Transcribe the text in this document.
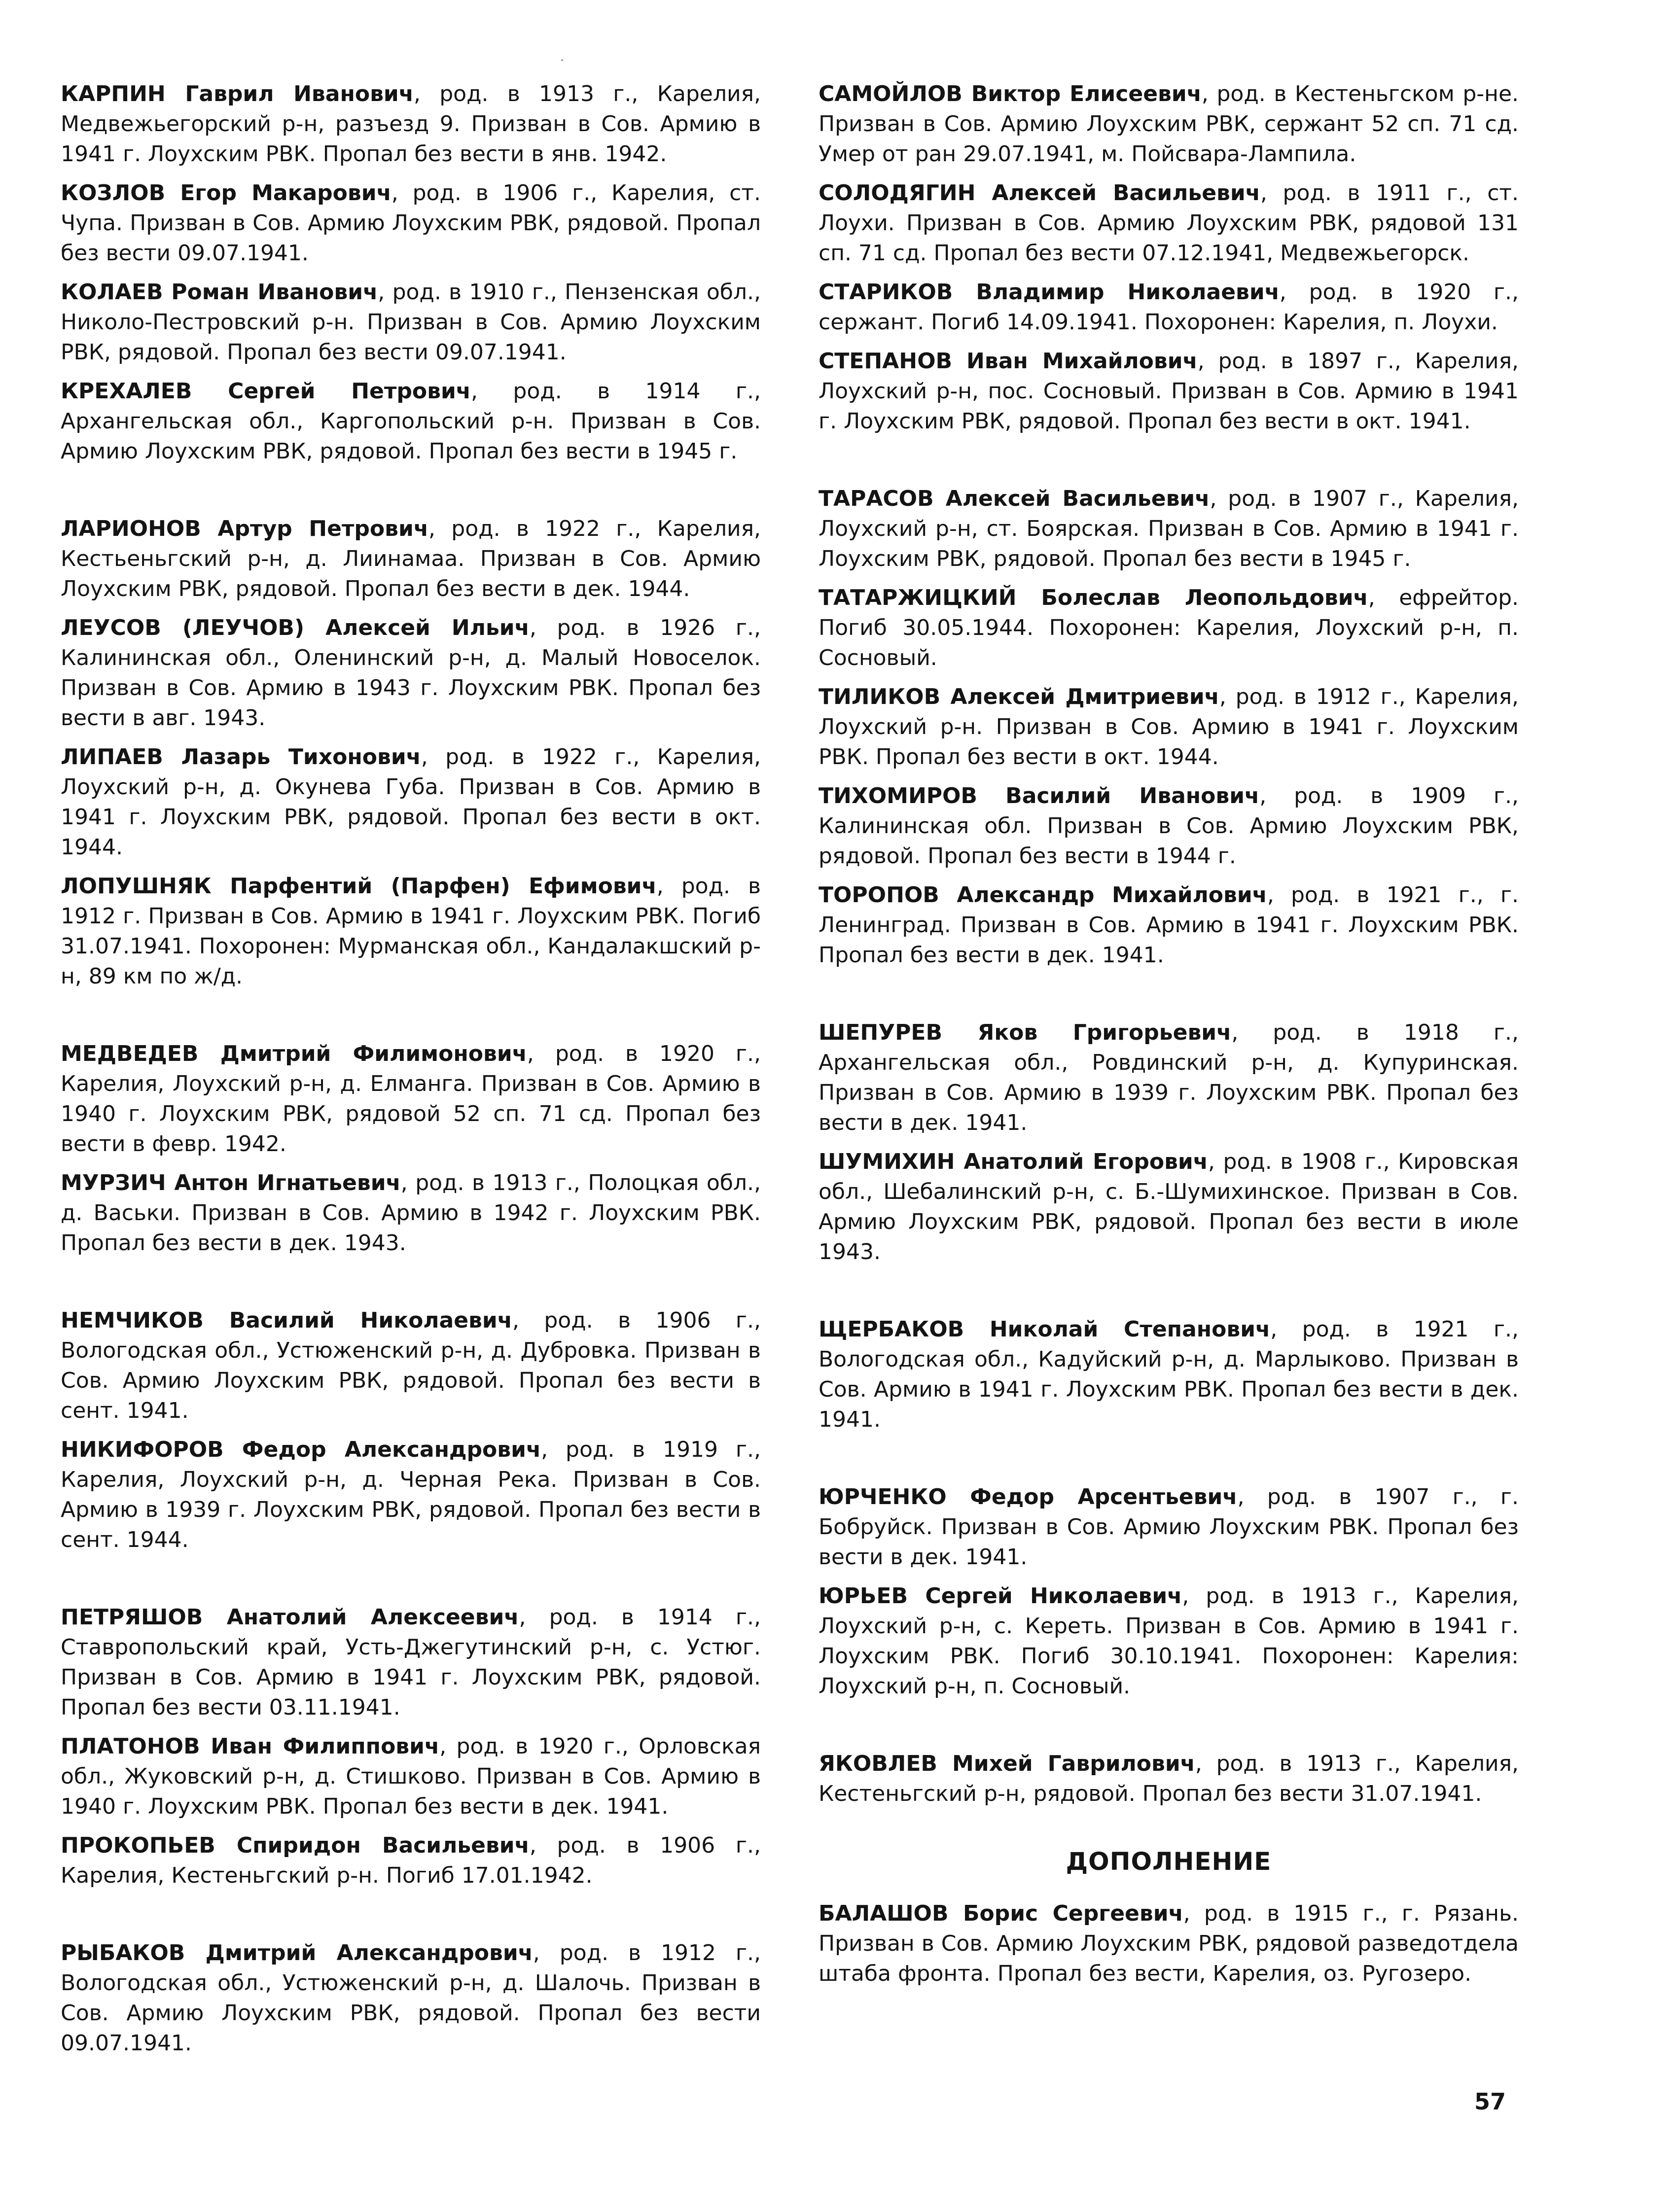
КАРПИН Гаврил Иванович, род. в 1913 г., Карелия, Медвежьегорский р-н, разъезд 9. Призван в Сов. Армию в 1941 г. Лоухским РВК. Пропал без вести в янв. 1942.

КОЗЛОВ Егор Макарович, род. в 1906 г., Карелия, ст. Чупа. Призван в Сов. Армию Лоухским РВК, рядовой. Пропал без вести 09.07.1941.

КОЛАЕВ Роман Иванович, род. в 1910 г., Пензенская обл., Николо-Пестровский р-н. Призван в Сов. Армию Лоухским РВК, рядовой. Пропал без вести 09.07.1941.

КРЕХАЛЕВ Сергей Петрович, род. в 1914 г., Архангельская обл., Каргопольский р-н. Призван в Сов. Армию Лоухским РВК, рядовой. Пропал без вести в 1945 г.

ЛАРИОНОВ Артур Петрович, род. в 1922 г., Карелия, Кестьеньгский р-н, д. Лиинамаа. Призван в Сов. Армию Лоухским РВК, рядовой. Пропал без вести в дек. 1944.

ЛЕУСОВ (ЛЕУЧОВ) Алексей Ильич, род. в 1926 г., Калининская обл., Оленинский р-н, д. Малый Новоселок. Призван в Сов. Армию в 1943 г. Лоухским РВК. Пропал без вести в авг. 1943.

ЛИПАЕВ Лазарь Тихонович, род. в 1922 г., Карелия, Лоухский р-н, д. Окунева Губа. Призван в Сов. Армию в 1941 г. Лоухским РВК, рядовой. Пропал без вести в окт. 1944.

ЛОПУШНЯК Парфентий (Парфен) Ефимович, род. в 1912 г. Призван в Сов. Армию в 1941 г. Лоухским РВК. Погиб 31.07.1941. Похоронен: Мурманская обл., Кандалакшский р-н, 89 км по ж/д.

МЕДВЕДЕВ Дмитрий Филимонович, род. в 1920 г., Карелия, Лоухский р-н, д. Елманга. Призван в Сов. Армию в 1940 г. Лоухским РВК, рядовой 52 сп. 71 сд. Пропал без вести в февр. 1942.

МУРЗИЧ Антон Игнатьевич, род. в 1913 г., Полоцкая обл., д. Васьки. Призван в Сов. Армию в 1942 г. Лоухским РВК. Пропал без вести в дек. 1943.

НЕМЧИКОВ Василий Николаевич, род. в 1906 г., Вологодская обл., Устюженский р-н, д. Дубровка. Призван в Сов. Армию Лоухским РВК, рядовой. Пропал без вести в сент. 1941.

НИКИФОРОВ Федор Александрович, род. в 1919 г., Карелия, Лоухский р-н, д. Черная Река. Призван в Сов. Армию в 1939 г. Лоухским РВК, рядовой. Пропал без вести в сент. 1944.

ПЕТРЯШОВ Анатолий Алексеевич, род. в 1914 г., Ставропольский край, Усть-Джегутинский р-н, с. Устюг. Призван в Сов. Армию в 1941 г. Лоухским РВК, рядовой. Пропал без вести 03.11.1941.

ПЛАТОНОВ Иван Филиппович, род. в 1920 г., Орловская обл., Жуковский р-н, д. Стишково. Призван в Сов. Армию в 1940 г. Лоухским РВК. Пропал без вести в дек. 1941.

ПРОКОПЬЕВ Спиридон Васильевич, род. в 1906 г., Карелия, Кестеньгский р-н. Погиб 17.01.1942.

РЫБАКОВ Дмитрий Александрович, род. в 1912 г., Вологодская обл., Устюженский р-н, д. Шалочь. Призван в Сов. Армию Лоухским РВК, рядовой. Пропал без вести 09.07.1941.

САМОЙЛОВ Виктор Елисеевич, род. в Кестеньгском р-не. Призван в Сов. Армию Лоухским РВК, сержант 52 сп. 71 сд. Умер от ран 29.07.1941, м. Пойсвара-Лампила.

СОЛОДЯГИН Алексей Васильевич, род. в 1911 г., ст. Лоухи. Призван в Сов. Армию Лоухским РВК, рядовой 131 сп. 71 сд. Пропал без вести 07.12.1941, Медвежьегорск.

СТАРИКОВ Владимир Николаевич, род. в 1920 г., сержант. Погиб 14.09.1941. Похоронен: Карелия, п. Лоухи.

СТЕПАНОВ Иван Михайлович, род. в 1897 г., Карелия, Лоухский р-н, пос. Сосновый. Призван в Сов. Армию в 1941 г. Лоухским РВК, рядовой. Пропал без вести в окт. 1941.

ТАРАСОВ Алексей Васильевич, род. в 1907 г., Карелия, Лоухский р-н, ст. Боярская. Призван в Сов. Армию в 1941 г. Лоухским РВК, рядовой. Пропал без вести в 1945 г.

ТАТАРЖИЦКИЙ Болеслав Леопольдович, ефрейтор. Погиб 30.05.1944. Похоронен: Карелия, Лоухский р-н, п. Сосновый.

ТИЛИКОВ Алексей Дмитриевич, род. в 1912 г., Карелия, Лоухский р-н. Призван в Сов. Армию в 1941 г. Лоухским РВК. Пропал без вести в окт. 1944.

ТИХОМИРОВ Василий Иванович, род. в 1909 г., Калининская обл. Призван в Сов. Армию Лоухским РВК, рядовой. Пропал без вести в 1944 г.

ТОРОПОВ Александр Михайлович, род. в 1921 г., г. Ленинград. Призван в Сов. Армию в 1941 г. Лоухским РВК. Пропал без вести в дек. 1941.

ШЕПУРЕВ Яков Григорьевич, род. в 1918 г., Архангельская обл., Ровдинский р-н, д. Купуринская. Призван в Сов. Армию в 1939 г. Лоухским РВК. Пропал без вести в дек. 1941.

ШУМИХИН Анатолий Егорович, род. в 1908 г., Кировская обл., Шебалинский р-н, с. Б.-Шумихинское. Призван в Сов. Армию Лоухским РВК, рядовой. Пропал без вести в июле 1943.

ЩЕРБАКОВ Николай Степанович, род. в 1921 г., Вологодская обл., Кадуйский р-н, д. Марлыково. Призван в Сов. Армию в 1941 г. Лоухским РВК. Пропал без вести в дек. 1941.

ЮРЧЕНКО Федор Арсентьевич, род. в 1907 г., г. Бобруйск. Призван в Сов. Армию Лоухским РВК. Пропал без вести в дек. 1941.

ЮРЬЕВ Сергей Николаевич, род. в 1913 г., Карелия, Лоухский р-н, с. Кереть. Призван в Сов. Армию в 1941 г. Лоухским РВК. Погиб 30.10.1941. Похоронен: Карелия: Лоухский р-н, п. Сосновый.

ЯКОВЛЕВ Михей Гаврилович, род. в 1913 г., Карелия, Кестеньгский р-н, рядовой. Пропал без вести 31.07.1941.

ДОПОЛНЕНИЕ

БАЛАШОВ Борис Сергеевич, род. в 1915 г., г. Рязань. Призван в Сов. Армию Лоухским РВК, рядовой разведотдела штаба фронта. Пропал без вести, Карелия, оз. Ругозеро.

57
